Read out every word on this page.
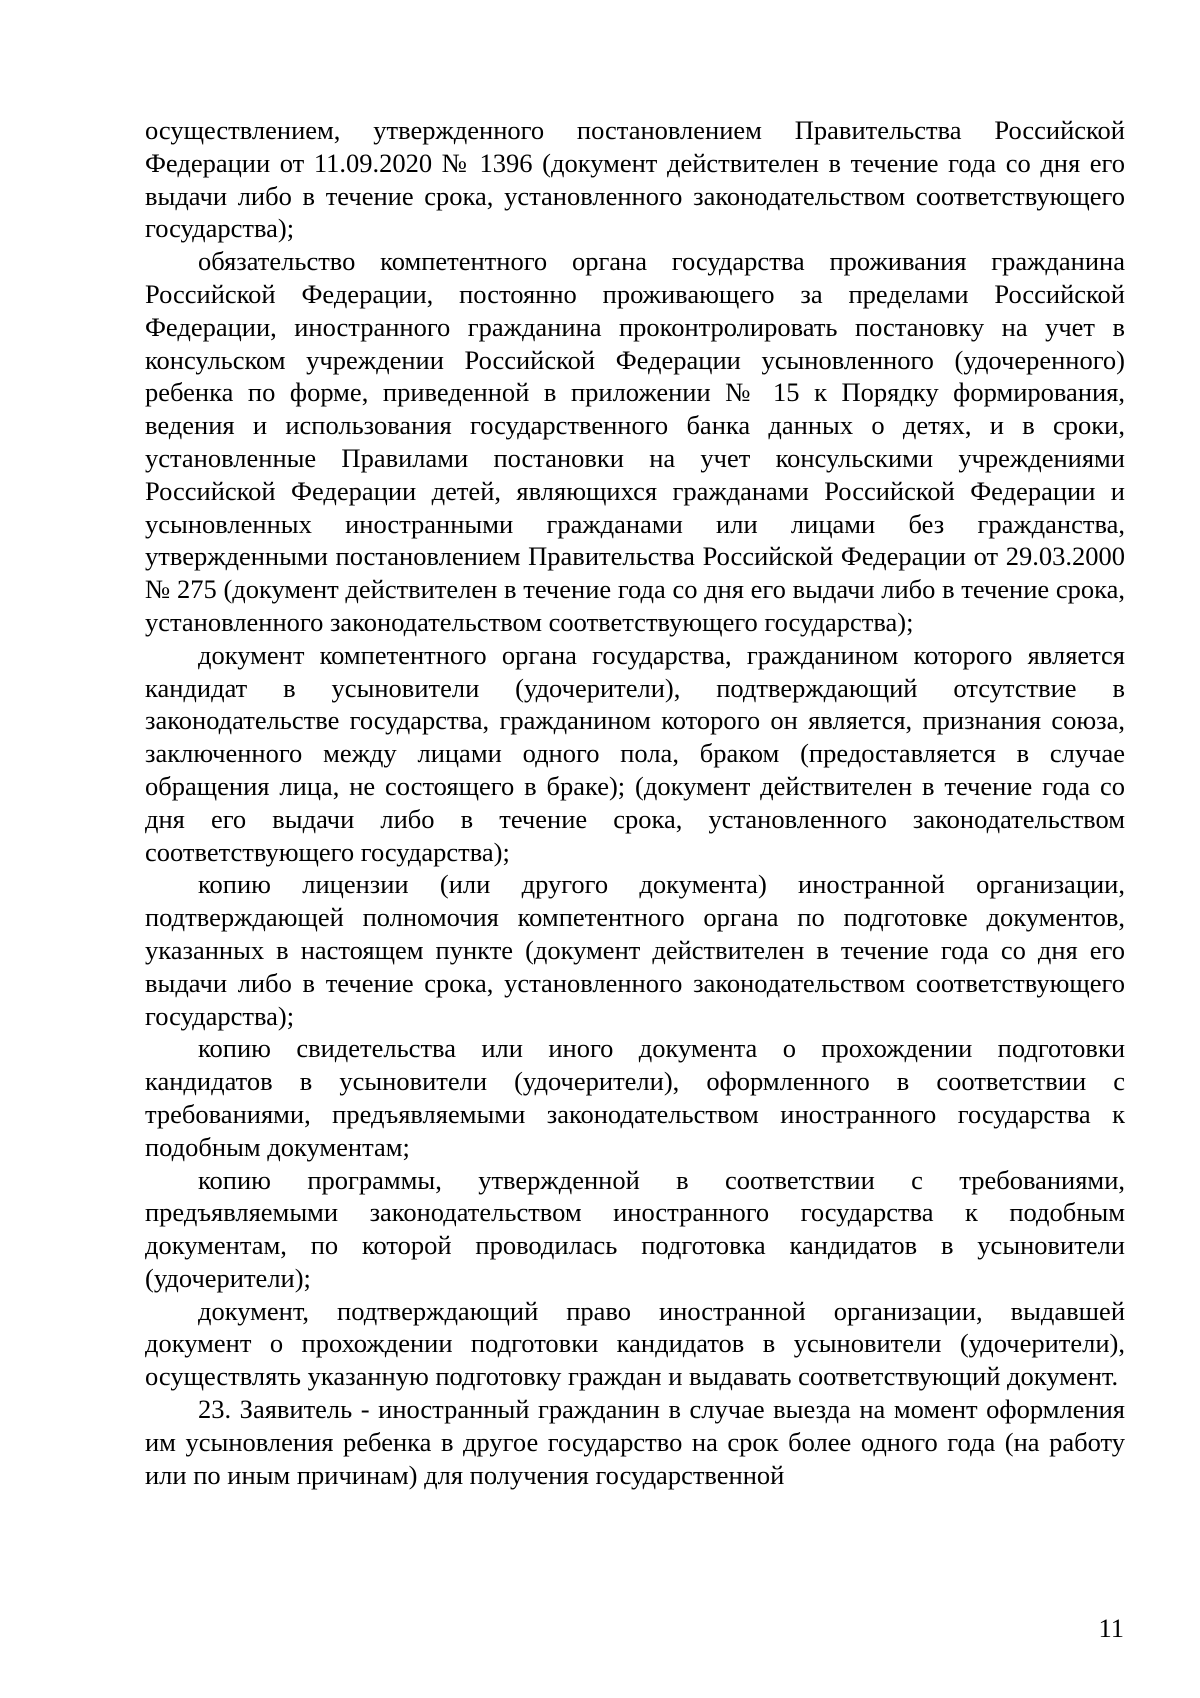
осуществлением, утвержденного постановлением Правительства Российской Федерации от 11.09.2020 № 1396 (документ действителен в течение года со дня его выдачи либо в течение срока, установленного законодательством соответствующего государства);

обязательство компетентного органа государства проживания гражданина Российской Федерации, постоянно проживающего за пределами Российской Федерации, иностранного гражданина проконтролировать постановку на учет в консульском учреждении Российской Федерации усыновленного (удочеренного) ребенка по форме, приведенной в приложении № 15 к Порядку формирования, ведения и использования государственного банка данных о детях, и в сроки, установленные Правилами постановки на учет консульскими учреждениями Российской Федерации детей, являющихся гражданами Российской Федерации и усыновленных иностранными гражданами или лицами без гражданства, утвержденными постановлением Правительства Российской Федерации от 29.03.2000 № 275 (документ действителен в течение года со дня его выдачи либо в течение срока, установленного законодательством соответствующего государства);

документ компетентного органа государства, гражданином которого является кандидат в усыновители (удочерители), подтверждающий отсутствие в законодательстве государства, гражданином которого он является, признания союза, заключенного между лицами одного пола, браком (предоставляется в случае обращения лица, не состоящего в браке); (документ действителен в течение года со дня его выдачи либо в течение срока, установленного законодательством соответствующего государства);

копию лицензии (или другого документа) иностранной организации, подтверждающей полномочия компетентного органа по подготовке документов, указанных в настоящем пункте (документ действителен в течение года со дня его выдачи либо в течение срока, установленного законодательством соответствующего государства);

копию свидетельства или иного документа о прохождении подготовки кандидатов в усыновители (удочерители), оформленного в соответствии с требованиями, предъявляемыми законодательством иностранного государства к подобным документам;

копию программы, утвержденной в соответствии с требованиями, предъявляемыми законодательством иностранного государства к подобным документам, по которой проводилась подготовка кандидатов в усыновители (удочерители);

документ, подтверждающий право иностранной организации, выдавшей документ о прохождении подготовки кандидатов в усыновители (удочерители), осуществлять указанную подготовку граждан и выдавать соответствующий документ.

23. Заявитель - иностранный гражданин в случае выезда на момент оформления им усыновления ребенка в другое государство на срок более одного года (на работу или по иным причинам) для получения государственной

11
